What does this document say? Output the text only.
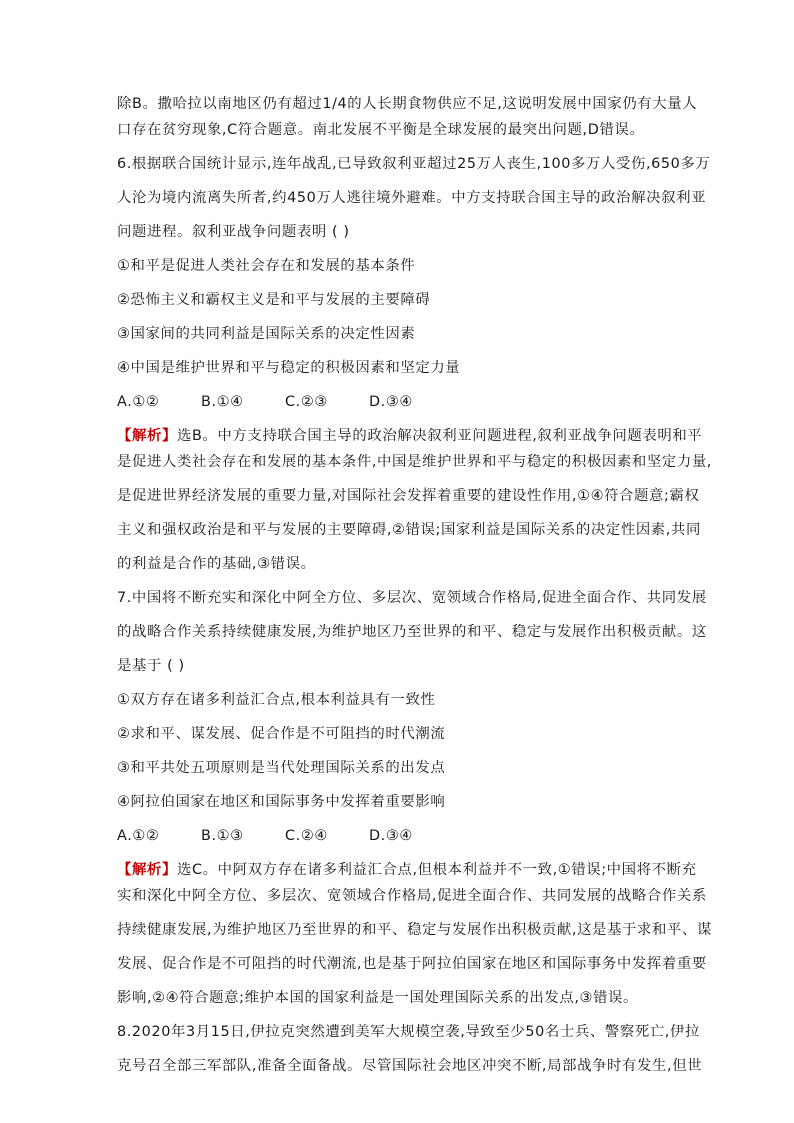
除B。撒哈拉以南地区仍有超过1/4的人长期食物供应不足,这说明发展中国家仍有大量人
口存在贫穷现象,C符合题意。南北发展不平衡是全球发展的最突出问题,D错误。
6.根据联合国统计显示,连年战乱,已导致叙利亚超过25万人丧生,100多万人受伤,650多万
人沦为境内流离失所者,约450万人逃往境外避难。中方支持联合国主导的政治解决叙利亚
问题进程。叙利亚战争问题表明 ( )
①和平是促进人类社会存在和发展的基本条件
②恐怖主义和霸权主义是和平与发展的主要障碍
③国家间的共同利益是国际关系的决定性因素
④中国是维护世界和平与稳定的积极因素和坚定力量
A.①②	B.①④	C.②③	D.③④
【解析】选B。中方支持联合国主导的政治解决叙利亚问题进程,叙利亚战争问题表明和平
是促进人类社会存在和发展的基本条件,中国是维护世界和平与稳定的积极因素和坚定力量,
是促进世界经济发展的重要力量,对国际社会发挥着重要的建设性作用,①④符合题意;霸权
主义和强权政治是和平与发展的主要障碍,②错误;国家利益是国际关系的决定性因素,共同
的利益是合作的基础,③错误。
7.中国将不断充实和深化中阿全方位、多层次、宽领域合作格局,促进全面合作、共同发展
的战略合作关系持续健康发展,为维护地区乃至世界的和平、稳定与发展作出积极贡献。这
是基于 ( )
①双方存在诸多利益汇合点,根本利益具有一致性
②求和平、谋发展、促合作是不可阻挡的时代潮流
③和平共处五项原则是当代处理国际关系的出发点
④阿拉伯国家在地区和国际事务中发挥着重要影响
A.①②	B.①③	C.②④	D.③④
【解析】选C。中阿双方存在诸多利益汇合点,但根本利益并不一致,①错误;中国将不断充
实和深化中阿全方位、多层次、宽领域合作格局,促进全面合作、共同发展的战略合作关系
持续健康发展,为维护地区乃至世界的和平、稳定与发展作出积极贡献,这是基于求和平、谋
发展、促合作是不可阻挡的时代潮流,也是基于阿拉伯国家在地区和国际事务中发挥着重要
影响,②④符合题意;维护本国的国家利益是一国处理国际关系的出发点,③错误。
8.2020年3月15日,伊拉克突然遭到美军大规模空袭,导致至少50名士兵、警察死亡,伊拉
克号召全部三军部队,准备全面备战。尽管国际社会地区冲突不断,局部战争时有发生,但世
